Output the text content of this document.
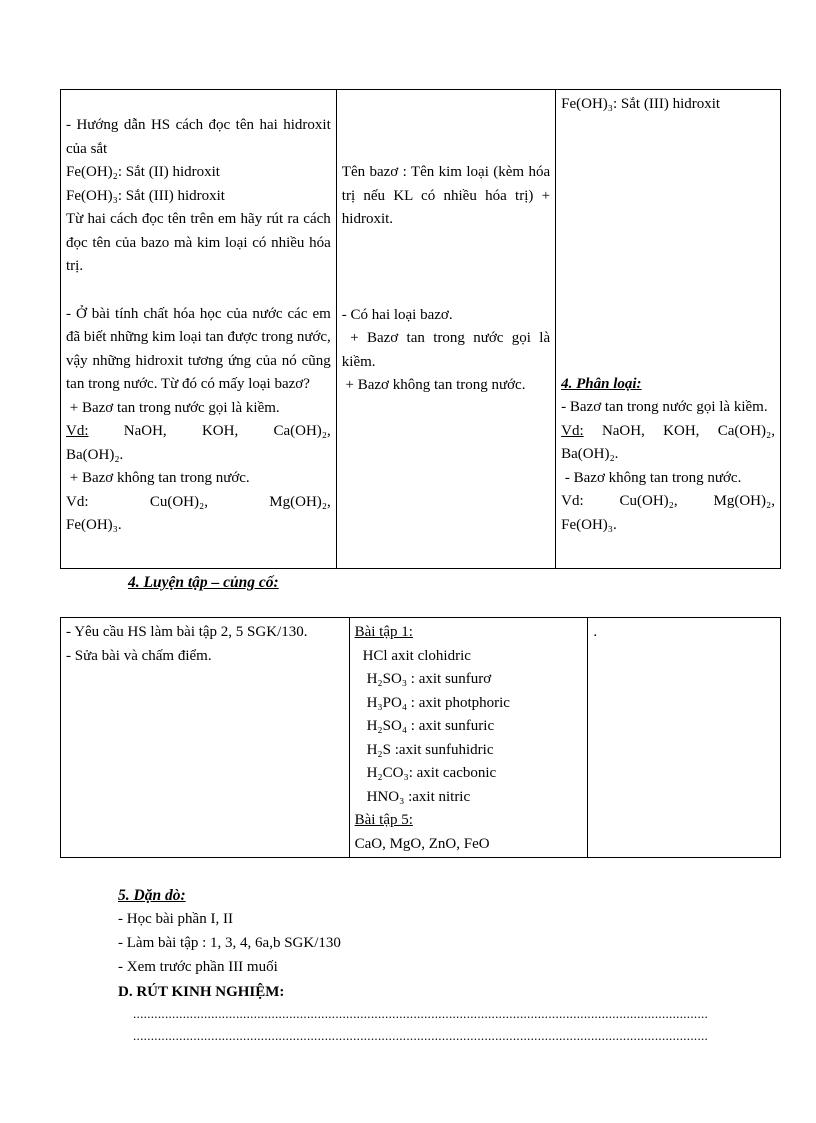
- Hướng dẫn HS cách đọc tên hai hidroxit của sắt
Fe(OH)₂: Sắt (II) hidroxit
Fe(OH)₃: Sắt (III) hidroxit
Từ hai cách đọc tên trên em hãy rút ra cách đọc tên của bazo mà kim loại có nhiều hóa trị.
- Ở bài tính chất hóa học của nước các em đã biết những kim loại tan được trong nước, vậy những hidroxit tương ứng của nó cũng tan trong nước. Từ đó có mấy loại bazơ?
+ Bazơ tan trong nước gọi là kiềm.
Vd: NaOH, KOH, Ca(OH)₂, Ba(OH)₂.
+ Bazơ không tan trong nước.
Vd:	Cu(OH)₂, Mg(OH)₂, Fe(OH)₃.

Tên bazơ : Tên kim loại (kèm hóa trị nếu KL có nhiều hóa trị) + hidroxit.
- Có hai loại bazơ.
+ Bazơ tan trong nước gọi là kiềm.
+ Bazơ không tan trong nước.

Fe(OH)₃: Sắt (III) hidroxit
4. Phân loại:
- Bazơ tan trong nước gọi là kiềm.
Vd: NaOH, KOH, Ca(OH)₂, Ba(OH)₂.
- Bazơ không tan trong nước.
Vd: Cu(OH)₂, Mg(OH)₂, Fe(OH)₃.
4. Luyện tập – củng cố:
- Yêu cầu HS làm bài tập 2, 5 SGK/130.
- Sửa bài và chấm điểm.

Bài tập 1:
HCl axit clohidric
H₂SO₃ : axit sunfurơ
H₃PO₄ : axit photphoric
H₂SO₄ : axit sunfuric
H₂S :axit sunfuhidric
H₂CO₃: axit cacbonic
HNO₃ :axit nitric
Bài tập 5:
CaO, MgO, ZnO, FeO

.
5. Dặn dò:
- Học bài phần I, II
- Làm bài tập : 1, 3, 4, 6a,b SGK/130
- Xem trước phần III muối
D. RÚT KINH NGHIỆM:
..................................................................................................................................................................
..................................................................................................................................................................
